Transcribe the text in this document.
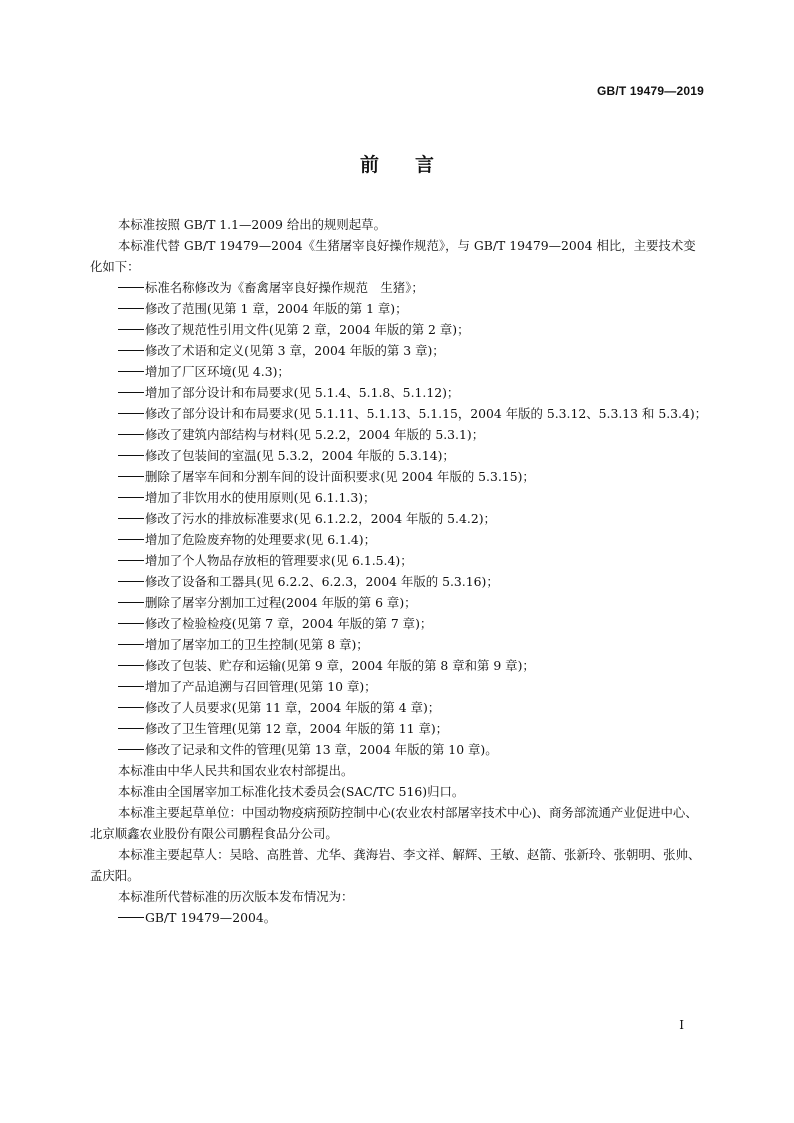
GB/T 19479—2019
前言

本标准按照 GB/T 1.1—2009 给出的规则起草。

本标准代替 GB/T 19479—2004《生猪屠宰良好操作规范》，与 GB/T 19479—2004 相比，主要技术变化如下：

标准名称修改为《畜禽屠宰良好操作规范　生猪》；

修改了范围(见第 1 章，2004 年版的第 1 章)；

修改了规范性引用文件(见第 2 章，2004 年版的第 2 章)；

修改了术语和定义(见第 3 章，2004 年版的第 3 章)；

增加了厂区环境(见 4.3)；

增加了部分设计和布局要求(见 5.1.4、5.1.8、5.1.12)；

修改了部分设计和布局要求(见 5.1.11、5.1.13、5.1.15，2004 年版的 5.3.12、5.3.13 和 5.3.4)；

修改了建筑内部结构与材料(见 5.2.2，2004 年版的 5.3.1)；

修改了包装间的室温(见 5.3.2，2004 年版的 5.3.14)；

删除了屠宰车间和分割车间的设计面积要求(见 2004 年版的 5.3.15)；

增加了非饮用水的使用原则(见 6.1.1.3)；

修改了污水的排放标准要求(见 6.1.2.2，2004 年版的 5.4.2)；

增加了危险废弃物的处理要求(见 6.1.4)；

增加了个人物品存放柜的管理要求(见 6.1.5.4)；

修改了设备和工器具(见 6.2.2、6.2.3，2004 年版的 5.3.16)；

删除了屠宰分割加工过程(2004 年版的第 6 章)；

修改了检验检疫(见第 7 章，2004 年版的第 7 章)；

增加了屠宰加工的卫生控制(见第 8 章)；

修改了包装、贮存和运输(见第 9 章，2004 年版的第 8 章和第 9 章)；

增加了产品追溯与召回管理(见第 10 章)；

修改了人员要求(见第 11 章，2004 年版的第 4 章)；

修改了卫生管理(见第 12 章，2004 年版的第 11 章)；

修改了记录和文件的管理(见第 13 章，2004 年版的第 10 章)。

本标准由中华人民共和国农业农村部提出。

本标准由全国屠宰加工标准化技术委员会(SAC/TC 516)归口。

本标准主要起草单位：中国动物疫病预防控制中心(农业农村部屠宰技术中心)、商务部流通产业促进中心、北京顺鑫农业股份有限公司鹏程食品分公司。

本标准主要起草人：吴晗、高胜普、尤华、龚海岩、李文祥、解辉、王敏、赵箭、张新玲、张朝明、张帅、孟庆阳。

本标准所代替标准的历次版本发布情况为：

GB/T 19479—2004。

I
